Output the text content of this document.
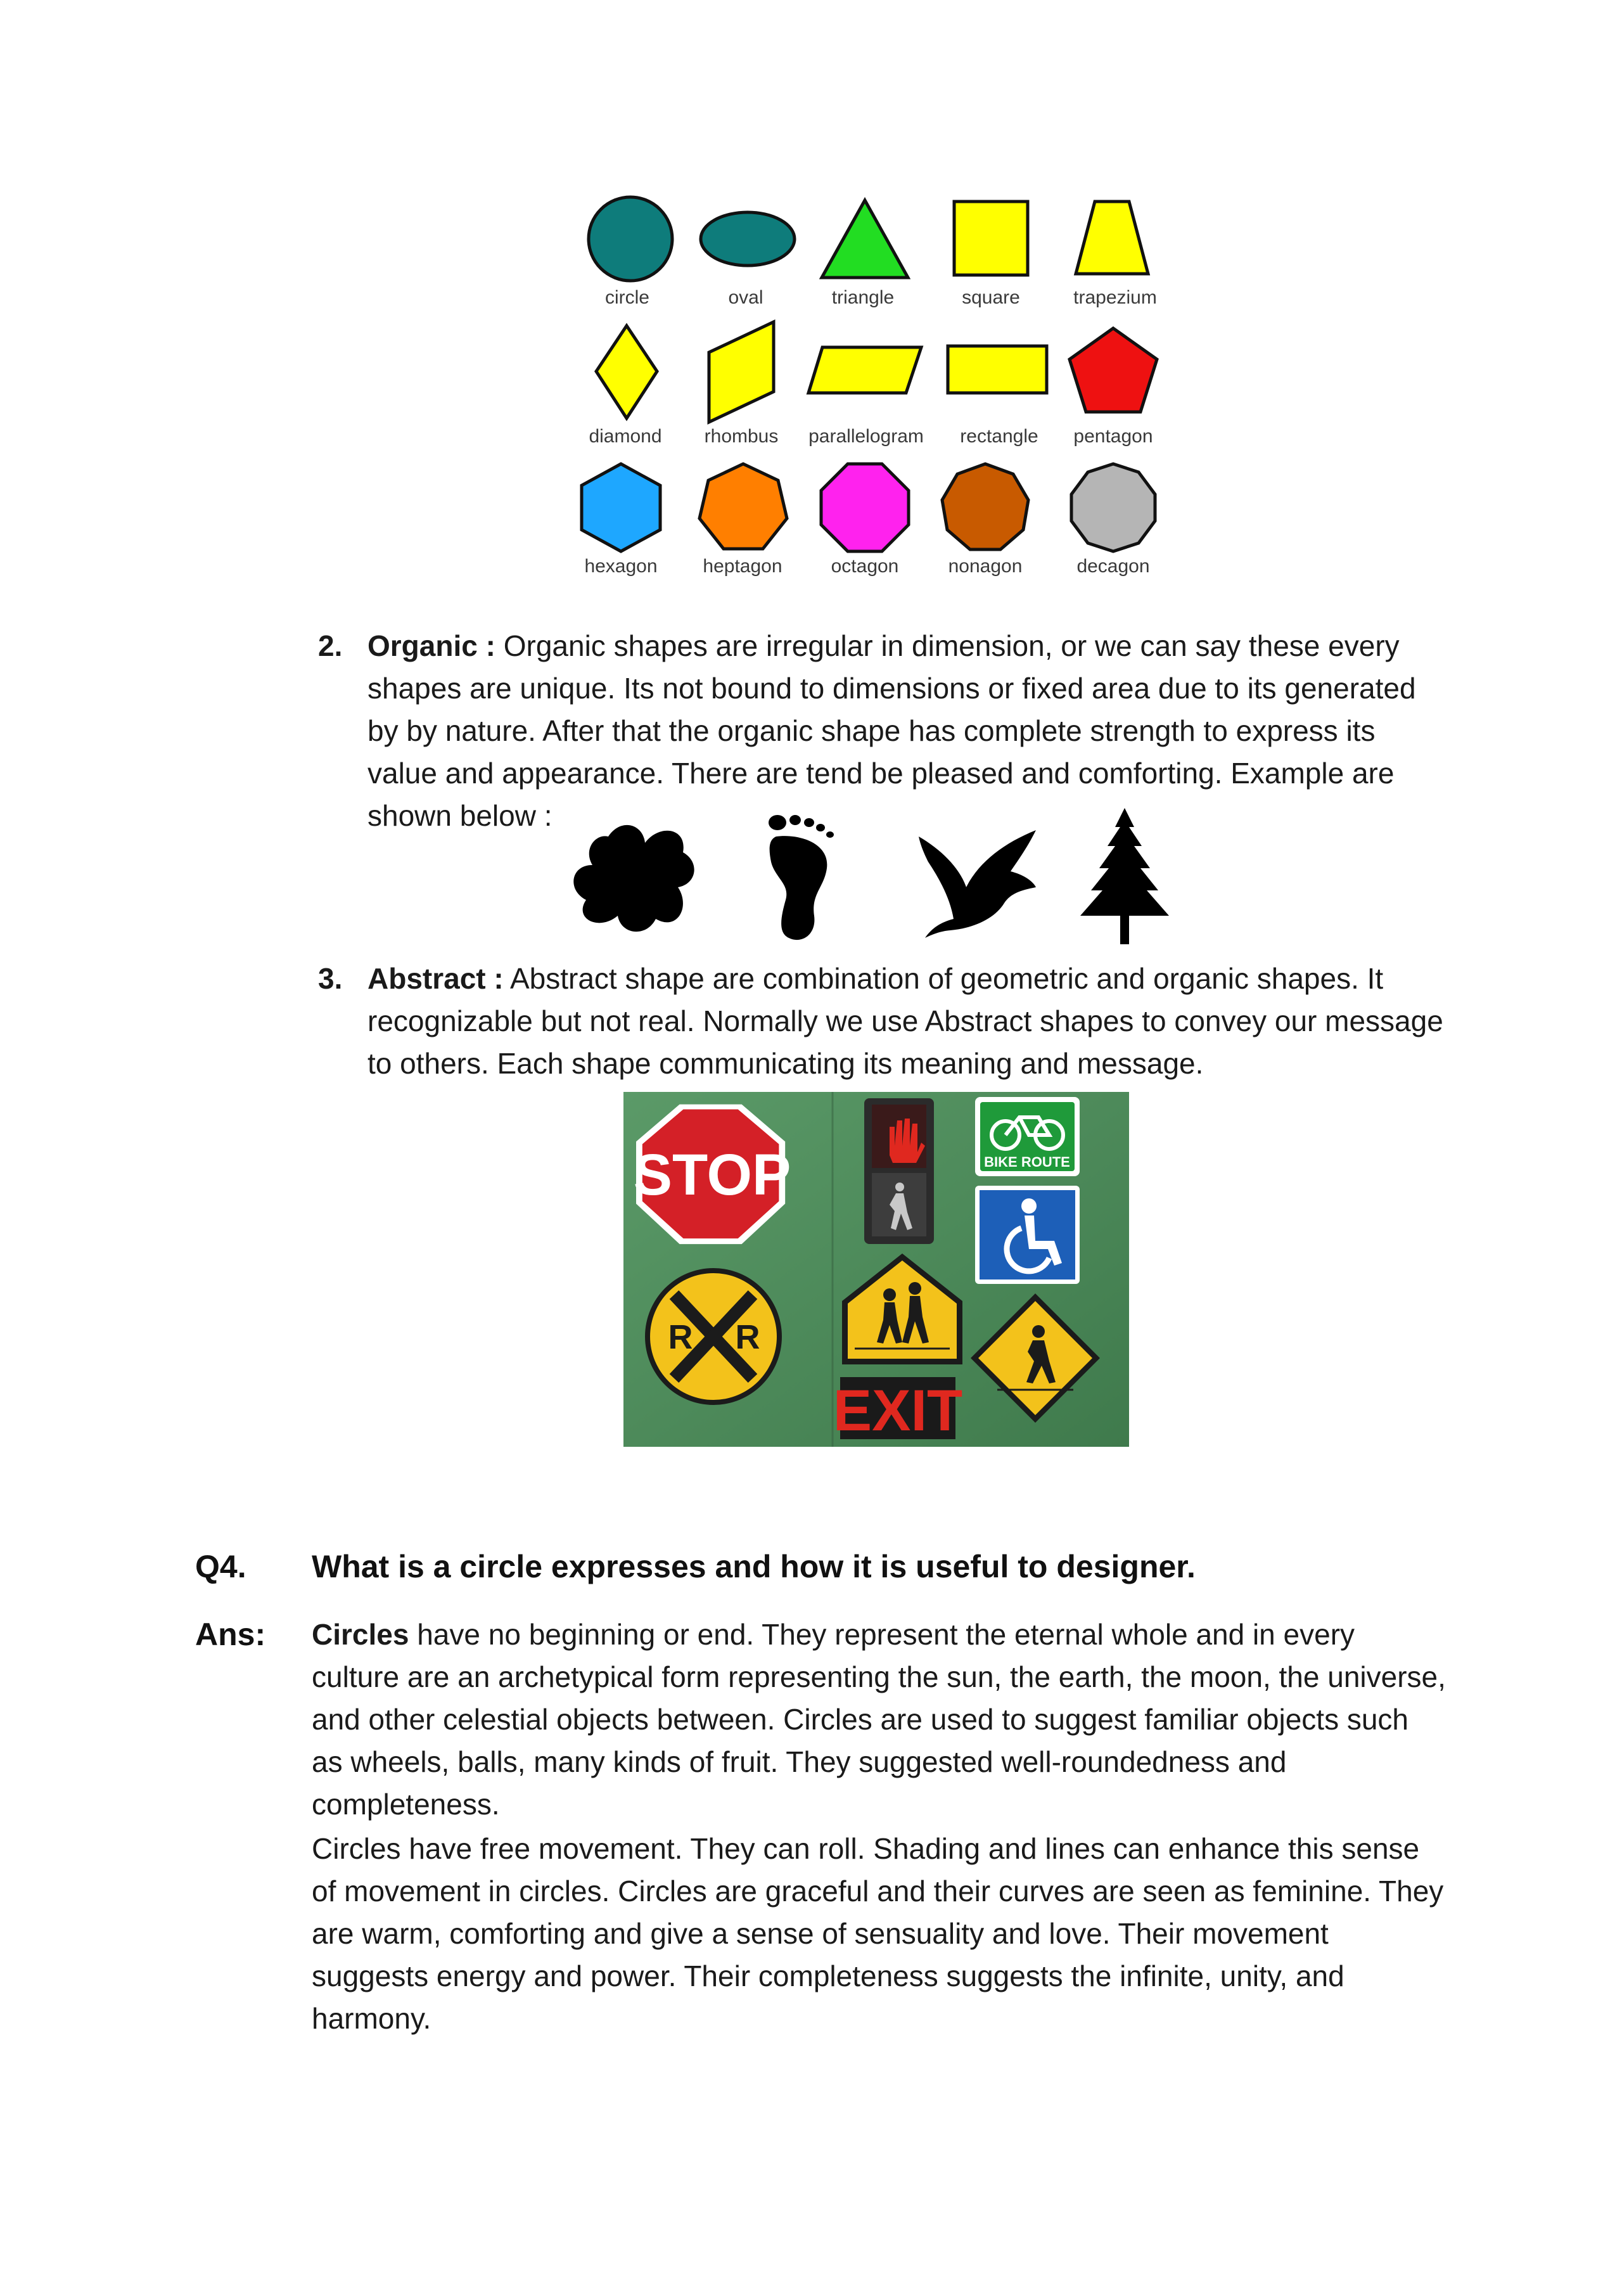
circle	oval	triangle	square	trapezium
diamond	rhombus	parallelogram	rectangle	pentagon
hexagon	heptagon	octagon	nonagon	decagon
2. Organic : Organic shapes are irregular in dimension, or we can say these every shapes are unique. Its not bound to dimensions or fixed area due to its generated by by nature. After that the organic shape has complete strength to express its value and appearance. There are tend be pleased and comforting. Example are shown below :
3. Abstract : Abstract shape are combination of geometric and organic shapes. It recognizable but not real. Normally we use Abstract shapes to convey our message to others. Each shape communicating its meaning and message.
STOP	BIKE ROUTE
R R
EXIT
Q4. What is a circle expresses and how it is useful to designer.
Ans: Circles have no beginning or end. They represent the eternal whole and in every culture are an archetypical form representing the sun, the earth, the moon, the universe, and other celestial objects between. Circles are used to suggest familiar objects such as wheels, balls, many kinds of fruit. They suggested well-roundedness and completeness.
Circles have free movement. They can roll. Shading and lines can enhance this sense of movement in circles. Circles are graceful and their curves are seen as feminine. They are warm, comforting and give a sense of sensuality and love. Their movement suggests energy and power. Their completeness suggests the infinite, unity, and harmony.
